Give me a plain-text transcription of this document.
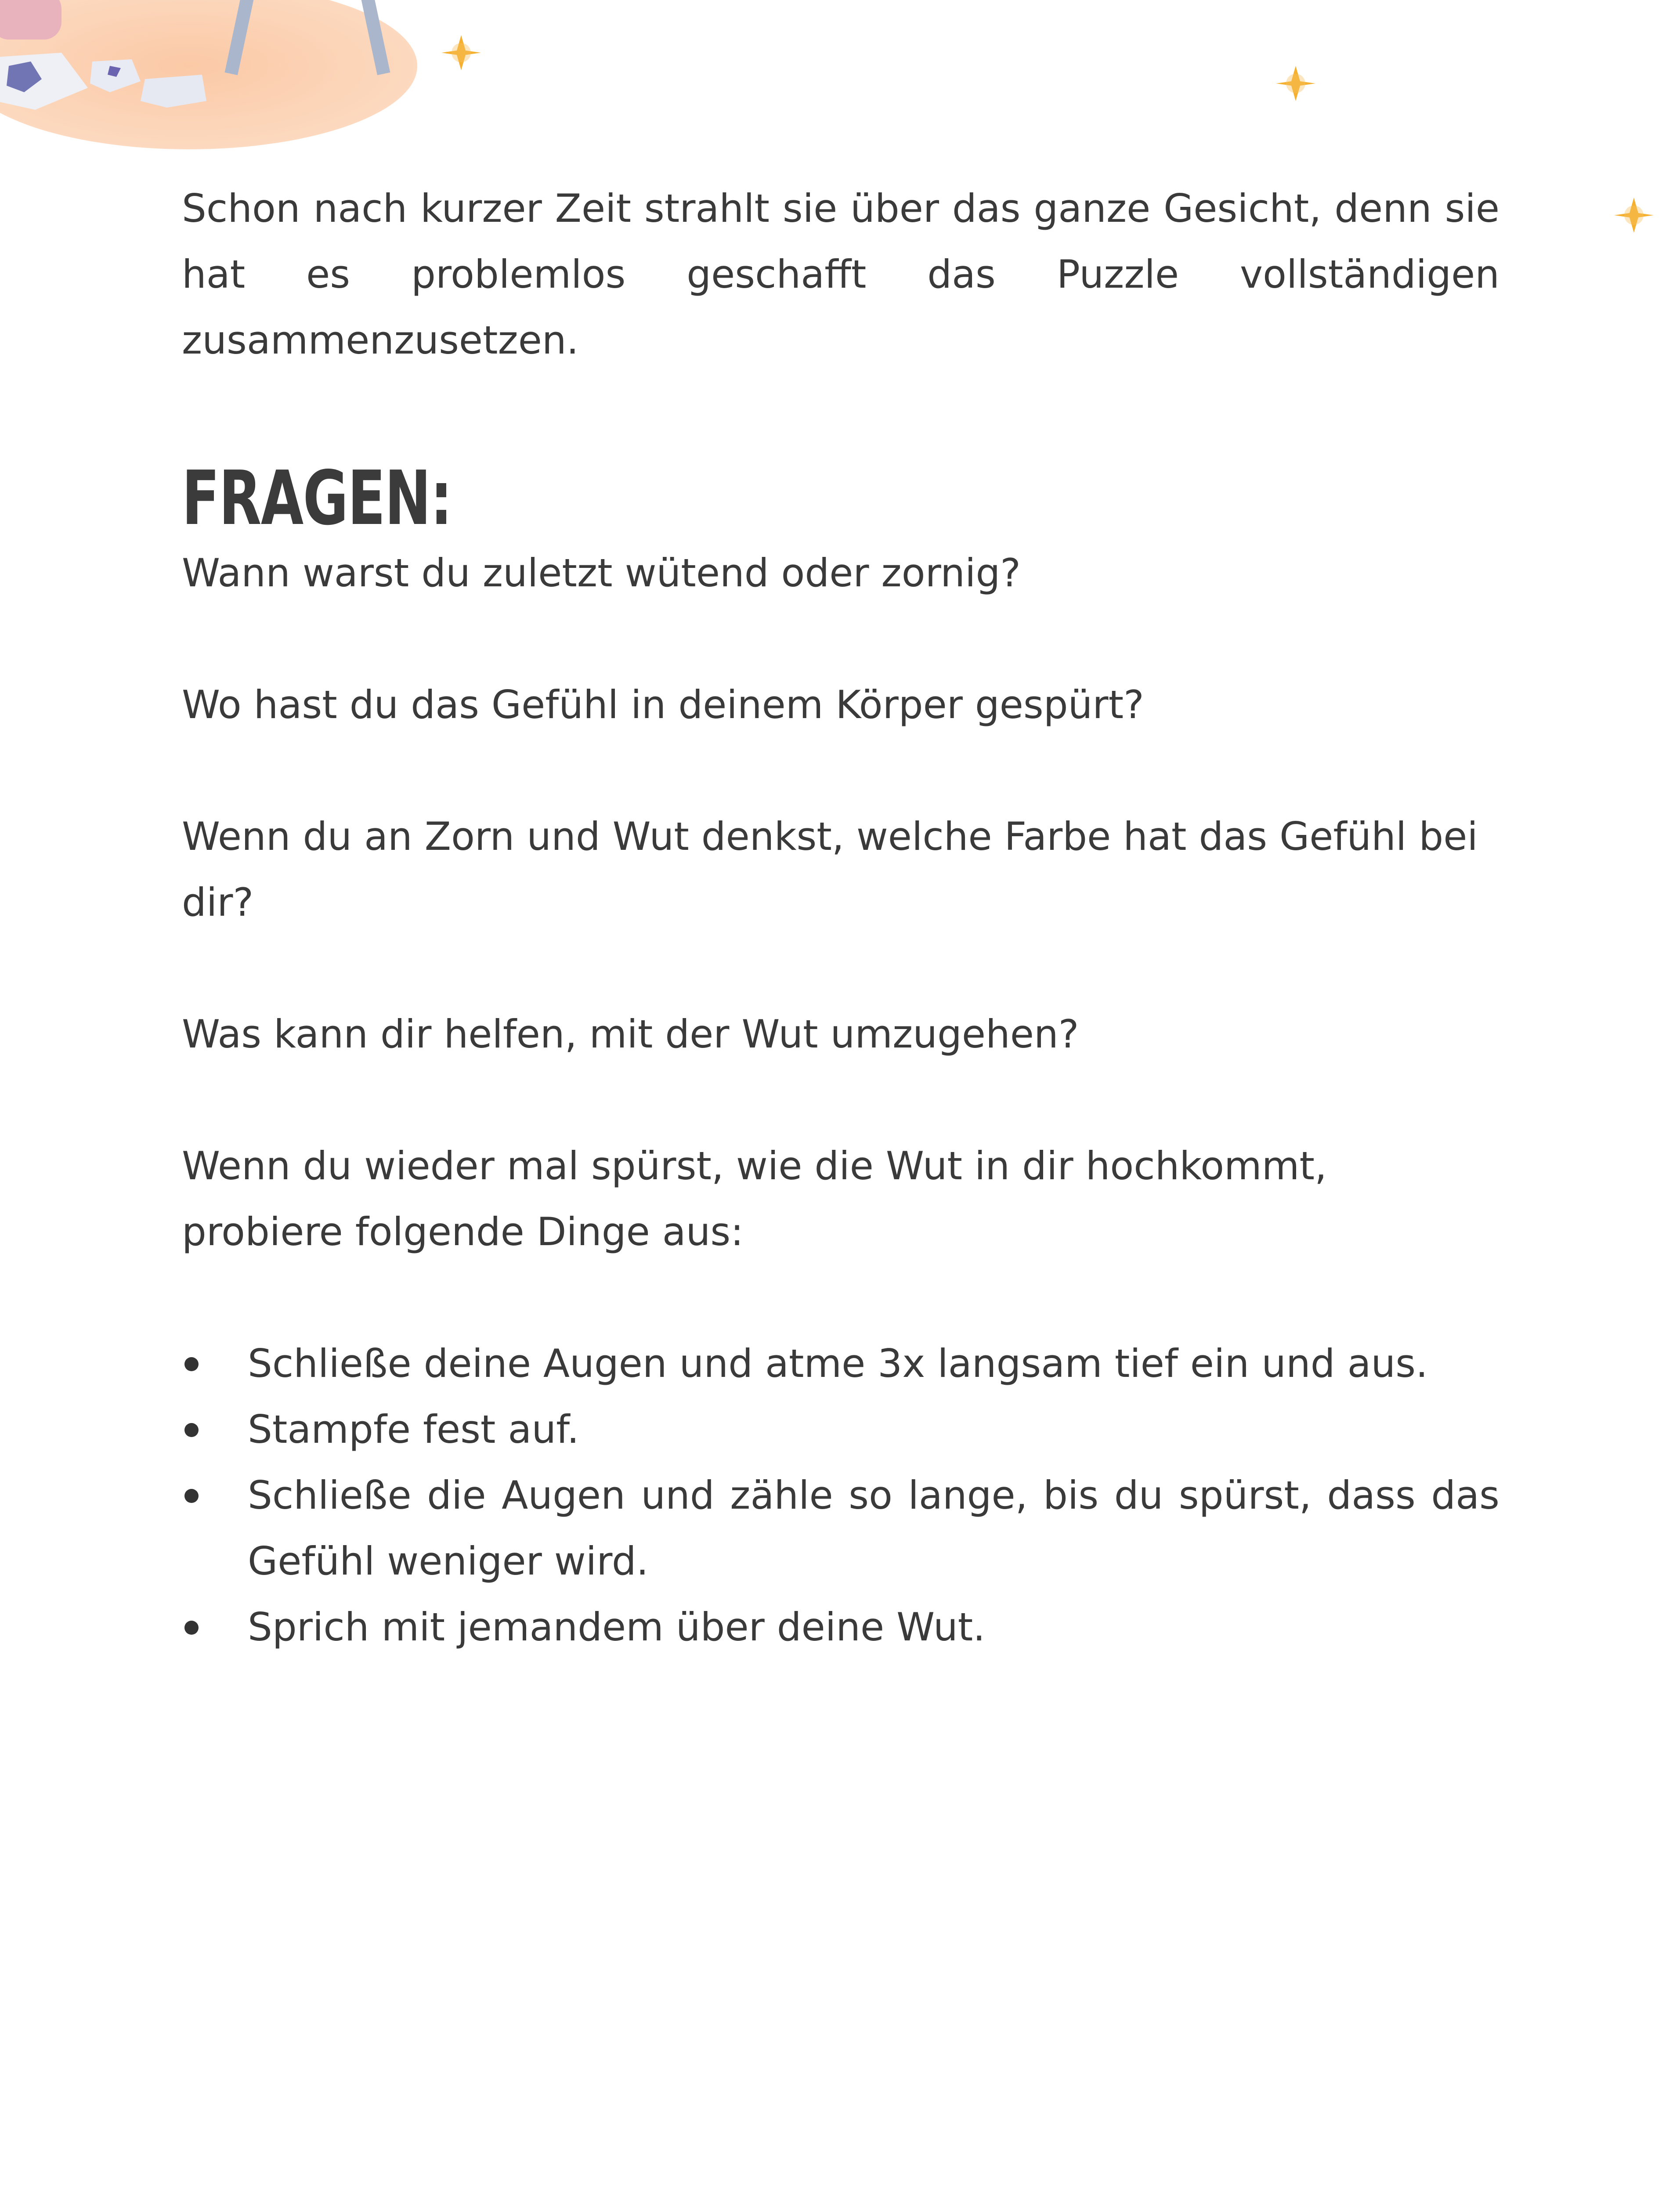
Schon nach kurzer Zeit strahlt sie über das ganze Gesicht, denn sie hat es problemlos geschafft das Puzzle vollständigen zusammenzusetzen.

FRAGEN:

Wann warst du zuletzt wütend oder zornig?

Wo hast du das Gefühl in deinem Körper gespürt?

Wenn du an Zorn und Wut denkst, welche Farbe hat das Gefühl bei dir?

Was kann dir helfen, mit der Wut umzugehen?

Wenn du wieder mal spürst, wie die Wut in dir hochkommt, probiere folgende Dinge aus:

Schließe deine Augen und atme 3x langsam tief ein und aus.
Stampfe fest auf.
Schließe die Augen und zähle so lange, bis du spürst, dass das Gefühl weniger wird.
Sprich mit jemandem über deine Wut.
